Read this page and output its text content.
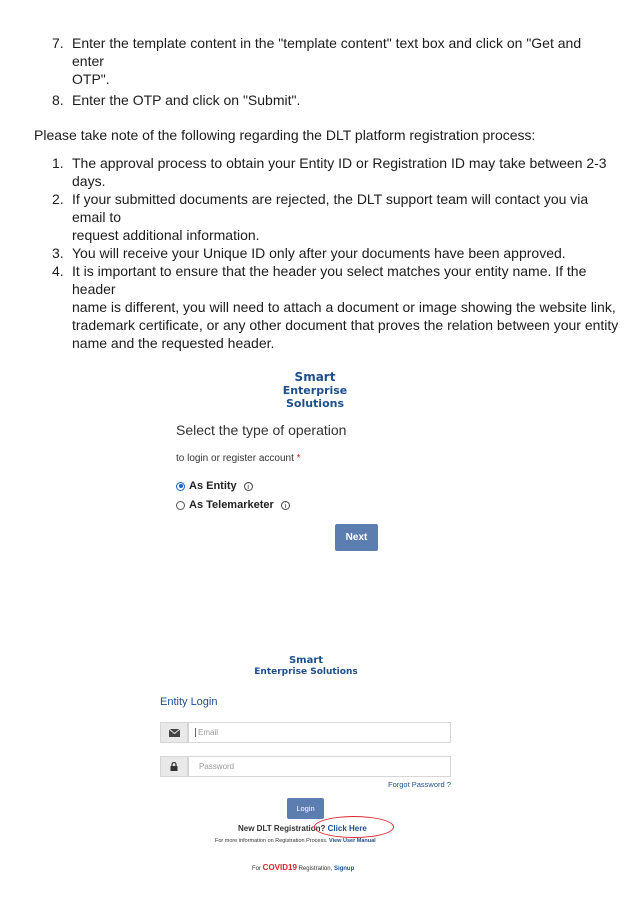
7. Enter the template content in the "template content" text box and click on "Get and enter
OTP".
8. Enter the OTP and click on "Submit".
Please take note of the following regarding the DLT platform registration process:
1. The approval process to obtain your Entity ID or Registration ID may take between 2-3 days.
2. If your submitted documents are rejected, the DLT support team will contact you via email to
request additional information.
3. You will receive your Unique ID only after your documents have been approved.
4. It is important to ensure that the header you select matches your entity name. If the header
name is different, you will need to attach a document or image showing the website link,
trademark certificate, or any other document that proves the relation between your entity
name and the requested header.
Smart
Enterprise Solutions
Select the type of operation
to login or register account *
As Entity	i
As Telemarketer	i
Next
Smart
Enterprise Solutions
Entity Login
Email
Password
Forgot Password ?
Login
New DLT Registration? Click Here
For more information on Registration Process. View User Manual
For COVID19 Registration, Signup
